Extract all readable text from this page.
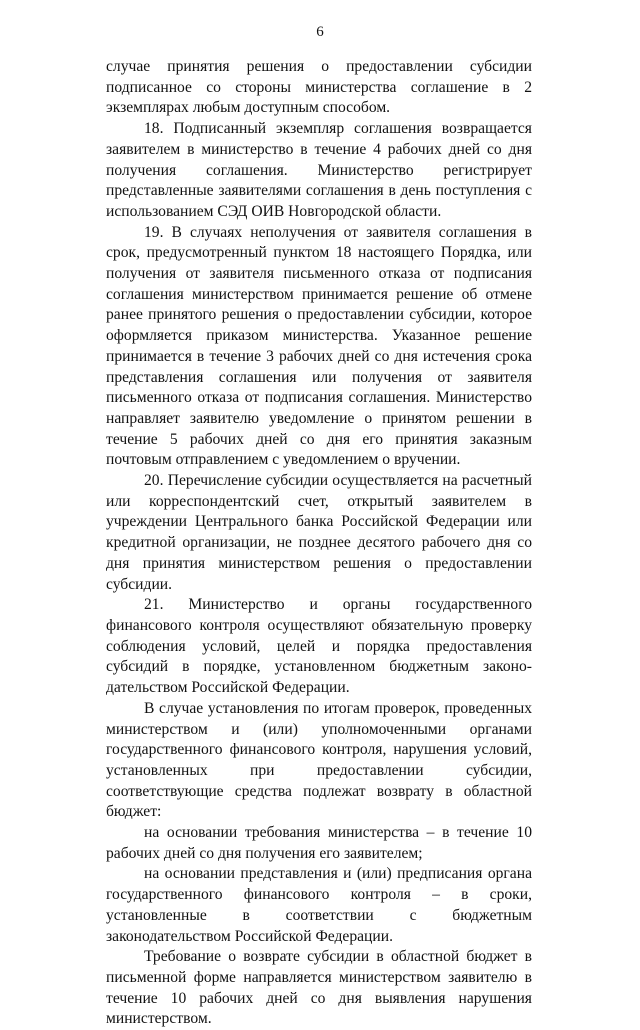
6

случае принятия решения о предоставлении субсидии подписанное со стороны министерства соглашение в 2 экземплярах любым доступным способом.

18. Подписанный экземпляр соглашения возвращается заявителем в министерство в течение 4 рабочих дней со дня получения соглашения. Министерство регистрирует представленные заявителями соглашения в день поступления с использованием СЭД ОИВ Новгородской области.

19. В случаях неполучения от заявителя соглашения в срок, предусмотренный пунктом 18 настоящего Порядка, или получения от заявителя письменного отказа от подписания соглашения министерством принимается решение об отмене ранее принятого решения о предоставлении субсидии, которое оформляется приказом министерства. Указанное решение принимается в течение 3 рабочих дней со дня истечения срока представления соглашения или получения от заявителя письменного отказа от подписания соглашения. Министерство направляет заявителю уведомление о принятом решении в течение 5 рабочих дней со дня его принятия заказным почтовым отправлением с уведомлением о вручении.

20. Перечисление субсидии осуществляется на расчетный или корреспондентский счет, открытый заявителем в учреждении Центрального банка Российской Федерации или кредитной организации, не позднее десятого рабочего дня со дня принятия министерством решения о предоставлении субсидии.

21. Министерство и органы государственного финансового контроля осуществляют обязательную проверку соблюдения условий, целей и порядка предоставления субсидий в порядке, установленном бюджетным законодательством Российской Федерации.

В случае установления по итогам проверок, проведенных министерством и (или) уполномоченными органами государственного финансового контроля, нарушения условий, установленных при предоставлении субсидии, соответствующие средства подлежат возврату в областной бюджет:

на основании требования министерства – в течение 10 рабочих дней со дня получения его заявителем;

на основании представления и (или) предписания органа государственного финансового контроля – в сроки, установленные в соответствии с бюджетным законодательством Российской Федерации.

Требование о возврате субсидии в областной бюджет в письменной форме направляется министерством заявителю в течение 10 рабочих дней со дня выявления нарушения министерством.
